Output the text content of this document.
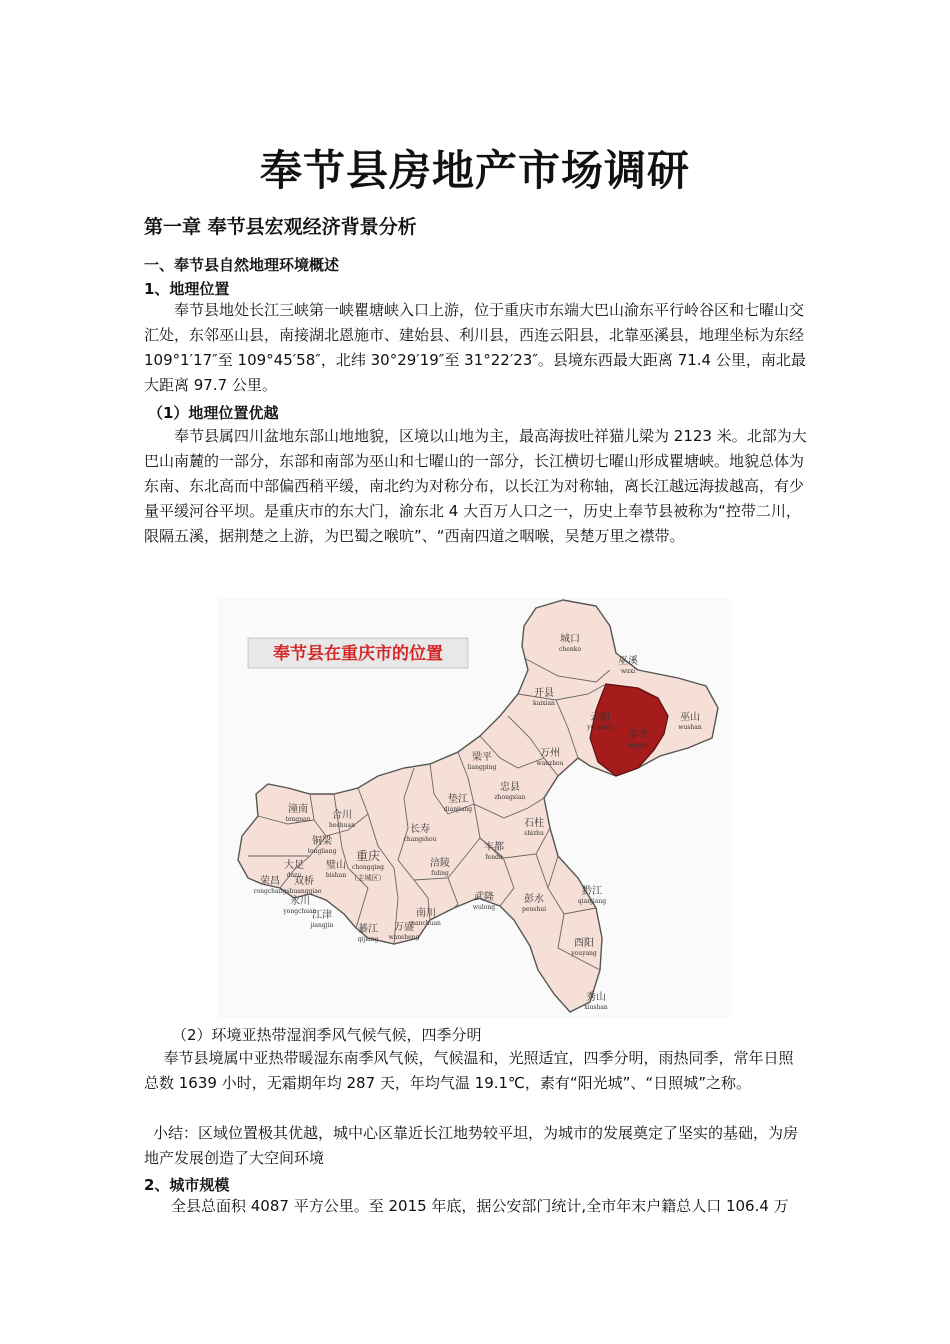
奉节县房地产市场调研
第一章 奉节县宏观经济背景分析
一、奉节县自然地理环境概述
1、地理位置
奉节县地处长江三峡第一峡瞿塘峡入口上游，位于重庆市东端大巴山渝东平行岭谷区和七曜山交汇处，东邻巫山县，南接湖北恩施市、建始县、利川县，西连云阳县，北靠巫溪县，地理坐标为东经 109°1′17″至 109°45′58″，北纬 30°29′19″至 31°22′23″。县境东西最大距离 71.4 公里，南北最大距离 97.7 公里。
（1）地理位置优越
奉节县属四川盆地东部山地地貌，区境以山地为主，最高海拔吐祥猫儿梁为 2123 米。北部为大巴山南麓的一部分，东部和南部为巫山和七曜山的一部分，长江横切七曜山形成瞿塘峡。地貌总体为东南、东北高而中部偏西稍平缓，南北约为对称分布，以长江为对称轴，离长江越远海拔越高，有少量平缓河谷平坝。是重庆市的东大门，渝东北 4 大百万人口之一，历史上奉节县被称为“控带二川，限隔五溪，据荆楚之上游，为巴蜀之喉吭”、“西南四道之咽喉，吴楚万里之襟带。
奉节县在重庆市的位置
城口
chenko
巫溪
wuxi
开县
kaixian
云阳
yunyang
奉节
fengjie
巫山
wushan
梁平
liangping
万州
wanzhou
忠县
zhongxian
垫江
dianjiang
石柱
shizhu
潼南
tongnan 合川
hechuan
铜梁
tongliang
长寿
changshou
丰都
fendu
大足
dazu
璧山
bishan
重庆
chongqing
（主城区）
涪陵
fuling
荣昌
rongchang
双桥
shuangqiao
永川
yongchuan
江津
jiangjin
南川
nanchuan
武隆
wulong
彭水
penshui
黔江
qianjiang
綦江
qijiang
万盛
wansheng
酉阳
youyang
秀山
xiushan
（2）环境亚热带湿润季风气候气候，四季分明
奉节县境属中亚热带暖湿东南季风气候，气候温和，光照适宜，四季分明，雨热同季，常年日照总数 1639 小时，无霜期年均 287 天，年均气温 19.1℃，素有“阳光城”、“日照城”之称。
小结：区域位置极其优越，城中心区靠近长江地势较平坦，为城市的发展奠定了坚实的基础，为房地产发展创造了大空间环境
2、城市规模
全县总面积 4087 平方公里。至 2015 年底，据公安部门统计,全市年末户籍总人口 106.4 万
